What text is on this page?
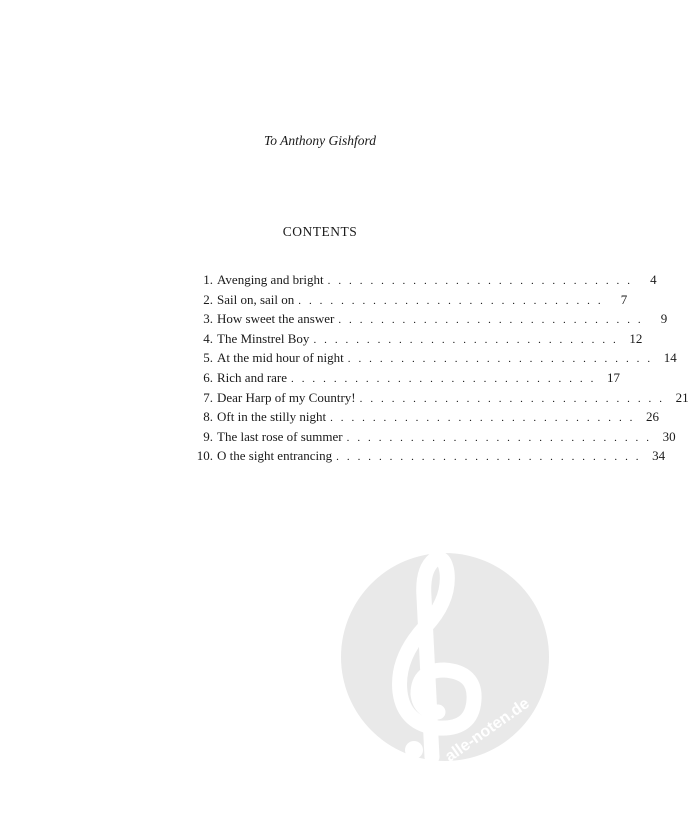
To Anthony Gishford
CONTENTS
1. Avenging and bright . . . . . . . . . . . . . . . . . . . . . . . . . . . . .	4
2. Sail on, sail on . . . . . . . . . . . . . . . . . . . . . . . . . . . . .	7
3. How sweet the answer . . . . . . . . . . . . . . . . . . . . . . . . . . . . .	9
4. The Minstrel Boy . . . . . . . . . . . . . . . . . . . . . . . . . . . . . 12
5. At the mid hour of night . . . . . . . . . . . . . . . . . . . . . . . . . . . . . 14
6. Rich and rare . . . . . . . . . . . . . . . . . . . . . . . . . . . . . 17
7. Dear Harp of my Country! . . . . . . . . . . . . . . . . . . . . . . . . . . . . . 21
8. Oft in the stilly night . . . . . . . . . . . . . . . . . . . . . . . . . . . . . 26
9. The last rose of summer . . . . . . . . . . . . . . . . . . . . . . . . . . . . . 30
10. O the sight entrancing . . . . . . . . . . . . . . . . . . . . . . . . . . . . . 34
alle-noten.de
